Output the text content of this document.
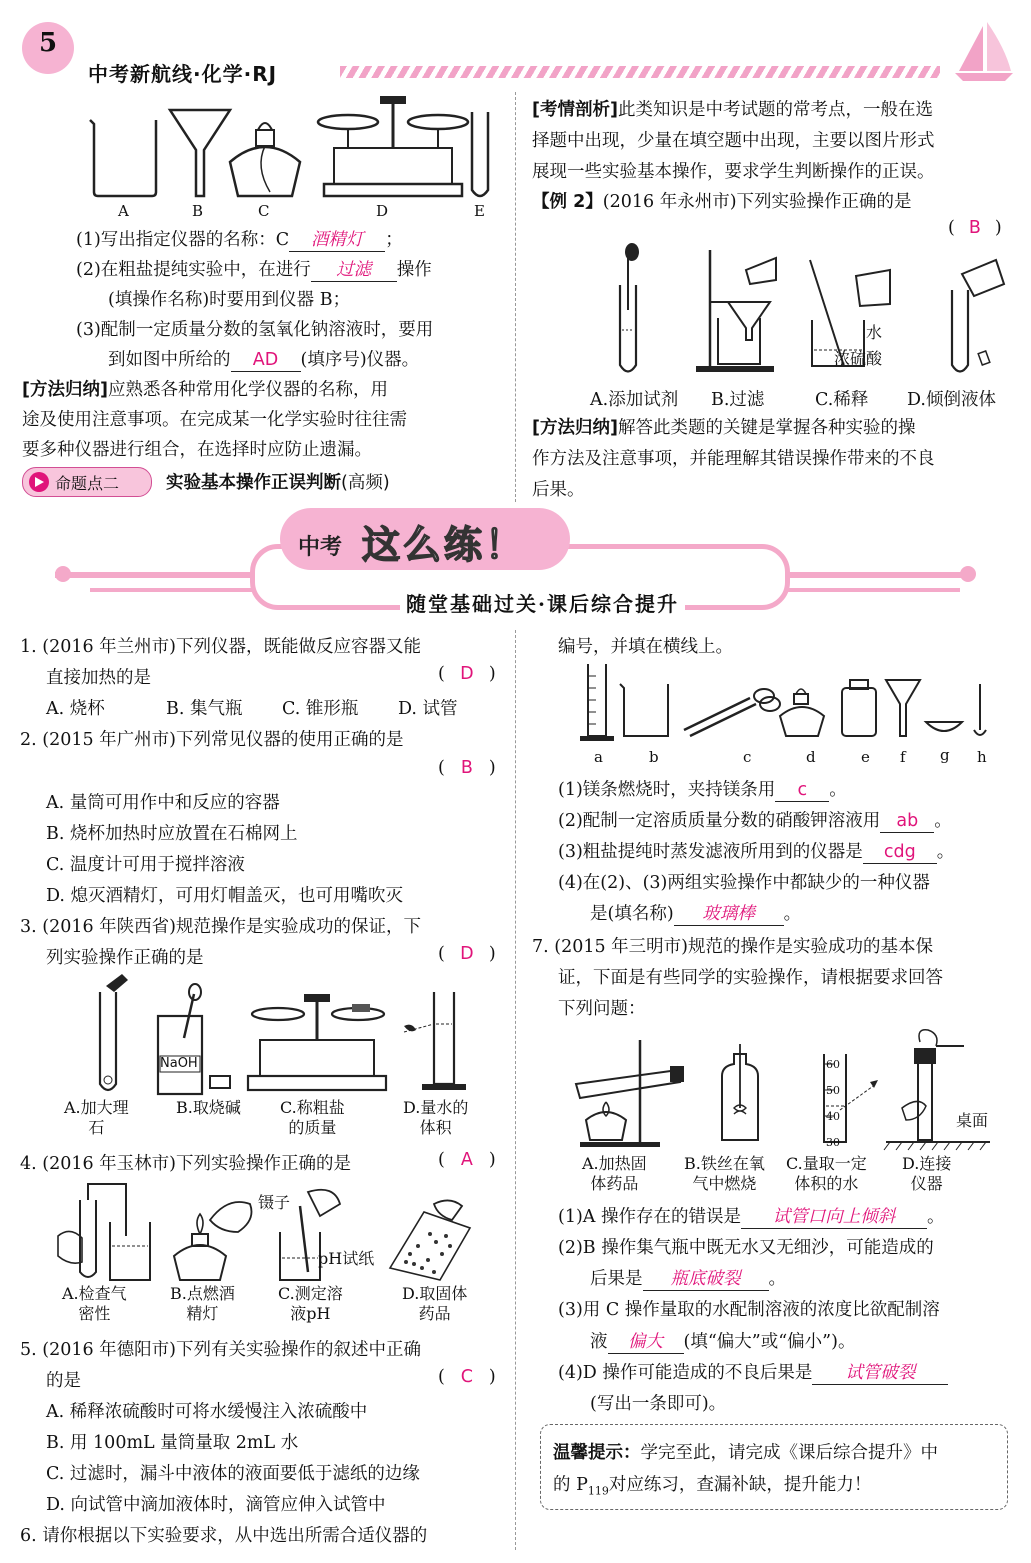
5
中考新航线·化学·RJ
A	B	C	D	E
(1)写出指定仪器的名称：C 酒精灯 ；
(2)在粗盐提纯实验中，在进行 过滤 操作
(填操作名称)时要用到仪器 B；
(3)配制一定质量分数的氢氧化钠溶液时，要用
到如图中所给的 AD (填序号)仪器。
[方法归纳]应熟悉各种常用化学仪器的名称，用
途及使用注意事项。在完成某一化学实验时往往需
要多种仪器进行组合，在选择时应防止遗漏。
命题点二	实验基本操作正误判断(高频)
[考情剖析]此类知识是中考试题的常考点，一般在选
择题中出现，少量在填空题中出现，主要以图片形式
展现一些实验基本操作，要求学生判断操作的正误。
【例 2】(2016 年永州市)下列实验操作正确的是
( B )
水
浓硫酸
A.添加试剂 B.过滤	C.稀释 D.倾倒液体
[方法归纳]解答此类题的关键是掌握各种实验的操
作方法及注意事项，并能理解其错误操作带来的不良
后果。
中考 这么练！
随堂基础过关·课后综合提升
1. (2016 年兰州市)下列仪器，既能做反应容器又能
直接加热的是	( D )
A. 烧杯	B. 集气瓶 C. 锥形瓶 D. 试管
2. (2015 年广州市)下列常见仪器的使用正确的是
( B )
A. 量筒可用作中和反应的容器
B. 烧杯加热时应放置在石棉网上
C. 温度计可用于搅拌溶液
D. 熄灭酒精灯，可用灯帽盖灭，也可用嘴吹灭
3. (2016 年陕西省)规范操作是实验成功的保证，下
列实验操作正确的是	( D )
NaOH
A.加大理
石
B.取烧碱 C.称粗盐
的质量
D.量水的
体积
4. (2016 年玉林市)下列实验操作正确的是	( A )
镊子
pH试纸
A.检查气
密性
B.点燃酒
精灯
C.测定溶
液pH
D.取固体
药品
5. (2016 年德阳市)下列有关实验操作的叙述中正确
的是	( C )
A. 稀释浓硫酸时可将水缓慢注入浓硫酸中
B. 用 100mL 量筒量取 2mL 水
C. 过滤时，漏斗中液体的液面要低于滤纸的边缘
D. 向试管中滴加液体时，滴管应伸入试管中
6. 请你根据以下实验要求，从中选出所需合适仪器的
编号，并填在横线上。
a	b	c	d	e f g h
(1)镁条燃烧时，夹持镁条用 c 。
(2)配制一定溶质质量分数的硝酸钾溶液用 ab 。
(3)粗盐提纯时蒸发滤液所用到的仪器是 cdg 。
(4)在(2)、(3)两组实验操作中都缺少的一种仪器
是(填名称) 玻璃棒 。
7. (2015 年三明市)规范的操作是实验成功的基本保
证，下面是有些同学的实验操作，请根据要求回答
下列问题：
60
50
40
30
桌面
A.加热固
体药品
B.铁丝在氧
气中燃烧
C.量取一定
体积的水
D.连接
仪器
(1)A 操作存在的错误是 试管口向上倾斜 。
(2)B 操作集气瓶中既无水又无细沙，可能造成的
后果是 瓶底破裂 。
(3)用 C 操作量取的水配制溶液的浓度比欲配制溶
液 偏大 (填“偏大”或“偏小”)。
(4)D 操作可能造成的不良后果是 试管破裂
(写出一条即可)。
温馨提示：学完至此，请完成《课后综合提升》中
的 $P_{119}$对应练习，查漏补缺，提升能力！
